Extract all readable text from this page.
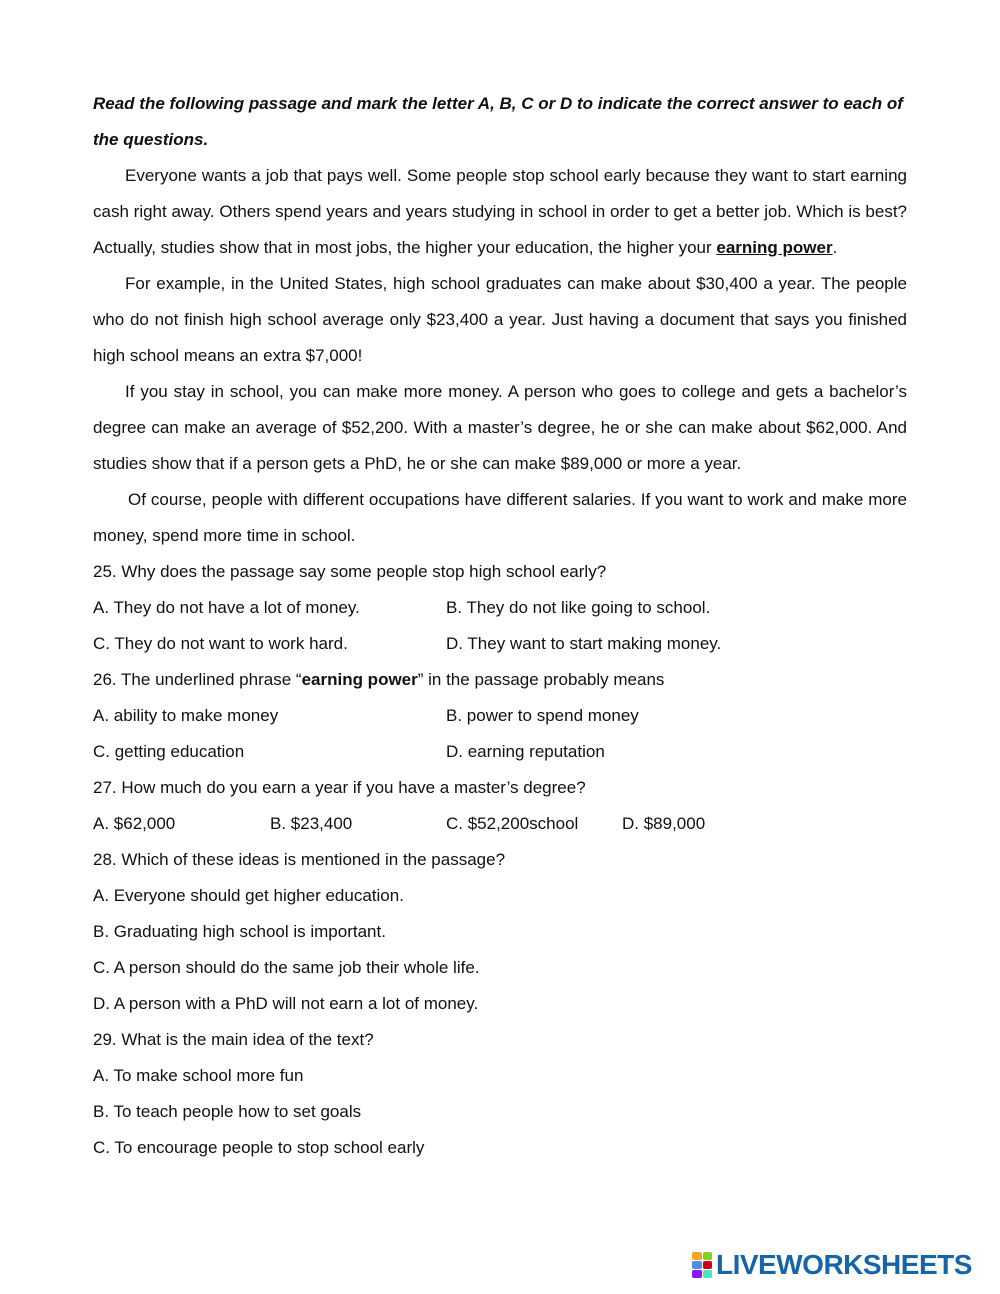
Read the following passage and mark the letter A, B, C or D to indicate the correct answer to each of
the questions.

Everyone wants a job that pays well. Some people stop school early because they want to start earning cash right away. Others spend years and years studying in school in order to get a better job. Which is best? Actually, studies show that in most jobs, the higher your education, the higher your earning power.

For example, in the United States, high school graduates can make about $30,400 a year. The people who do not finish high school average only $23,400 a year. Just having a document that says you finished high school means an extra $7,000!

If you stay in school, you can make more money. A person who goes to college and gets a bachelor’s degree can make an average of $52,200. With a master’s degree, he or she can make about $62,000. And studies show that if a person gets a PhD, he or she can make $89,000 or more a year.

Of course, people with different occupations have different salaries. If you want to work and make more money, spend more time in school.

25. Why does the passage say some people stop high school early?

A. They do not have a lot of money.	B. They do not like going to school.
C. They do not want to work hard.	D. They want to start making money.

26. The underlined phrase “earning power” in the passage probably means

A. ability to make money	B. power to spend money
C. getting education	D. earning reputation

27. How much do you earn a year if you have a master’s degree?

A. $62,000	B. $23,400	C. $52,200school	D. $89,000

28. Which of these ideas is mentioned in the passage?

A. Everyone should get higher education.

B. Graduating high school is important.

C. A person should do the same job their whole life.

D. A person with a PhD will not earn a lot of money.

29. What is the main idea of the text?

A. To make school more fun

B. To teach people how to set goals

C. To encourage people to stop school early

LIVEWORKSHEETS
